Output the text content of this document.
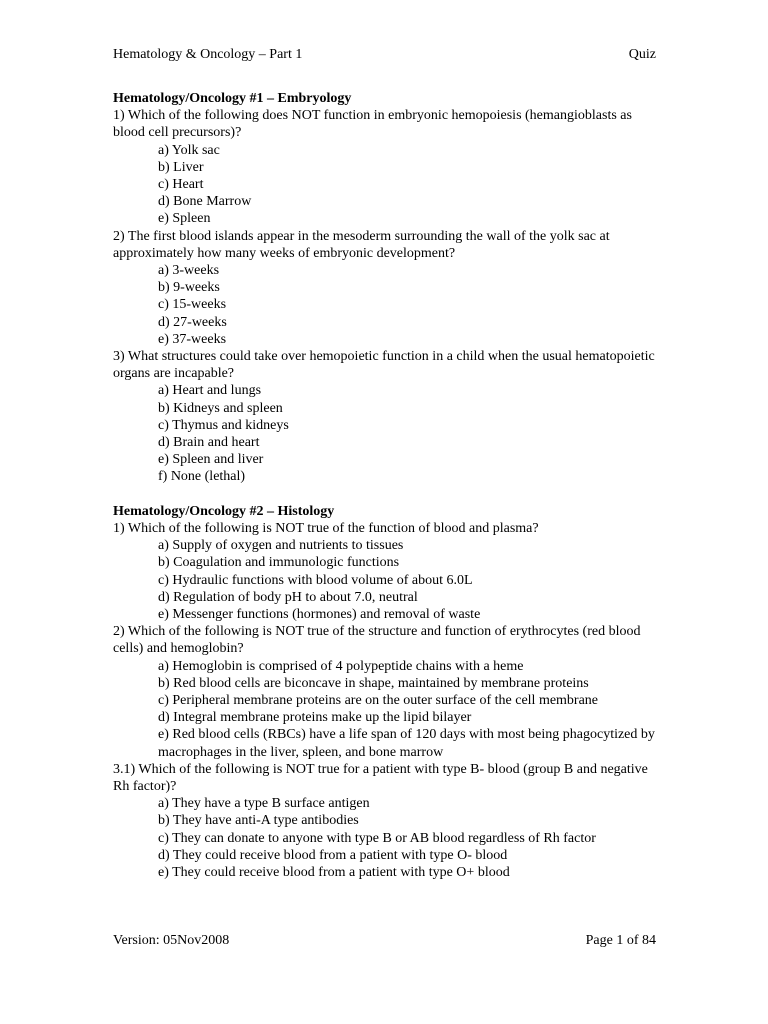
Hematology & Oncology – Part 1	Quiz
Hematology/Oncology #1 – Embryology
1) Which of the following does NOT function in embryonic hemopoiesis (hemangioblasts as blood cell precursors)?
a) Yolk sac
b) Liver
c) Heart
d) Bone Marrow
e) Spleen
2) The first blood islands appear in the mesoderm surrounding the wall of the yolk sac at approximately how many weeks of embryonic development?
a) 3-weeks
b) 9-weeks
c) 15-weeks
d) 27-weeks
e) 37-weeks
3) What structures could take over hemopoietic function in a child when the usual hematopoietic organs are incapable?
a) Heart and lungs
b) Kidneys and spleen
c) Thymus and kidneys
d) Brain and heart
e) Spleen and liver
f) None (lethal)
Hematology/Oncology #2 – Histology
1) Which of the following is NOT true of the function of blood and plasma?
a) Supply of oxygen and nutrients to tissues
b) Coagulation and immunologic functions
c) Hydraulic functions with blood volume of about 6.0L
d) Regulation of body pH to about 7.0, neutral
e) Messenger functions (hormones) and removal of waste
2) Which of the following is NOT true of the structure and function of erythrocytes (red blood cells) and hemoglobin?
a) Hemoglobin is comprised of 4 polypeptide chains with a heme
b) Red blood cells are biconcave in shape, maintained by membrane proteins
c) Peripheral membrane proteins are on the outer surface of the cell membrane
d) Integral membrane proteins make up the lipid bilayer
e) Red blood cells (RBCs) have a life span of 120 days with most being phagocytized by macrophages in the liver, spleen, and bone marrow
3.1) Which of the following is NOT true for a patient with type B- blood (group B and negative Rh factor)?
a) They have a type B surface antigen
b) They have anti-A type antibodies
c) They can donate to anyone with type B or AB blood regardless of Rh factor
d) They could receive blood from a patient with type O- blood
e) They could receive blood from a patient with type O+ blood
Version: 05Nov2008	Page 1 of 84
